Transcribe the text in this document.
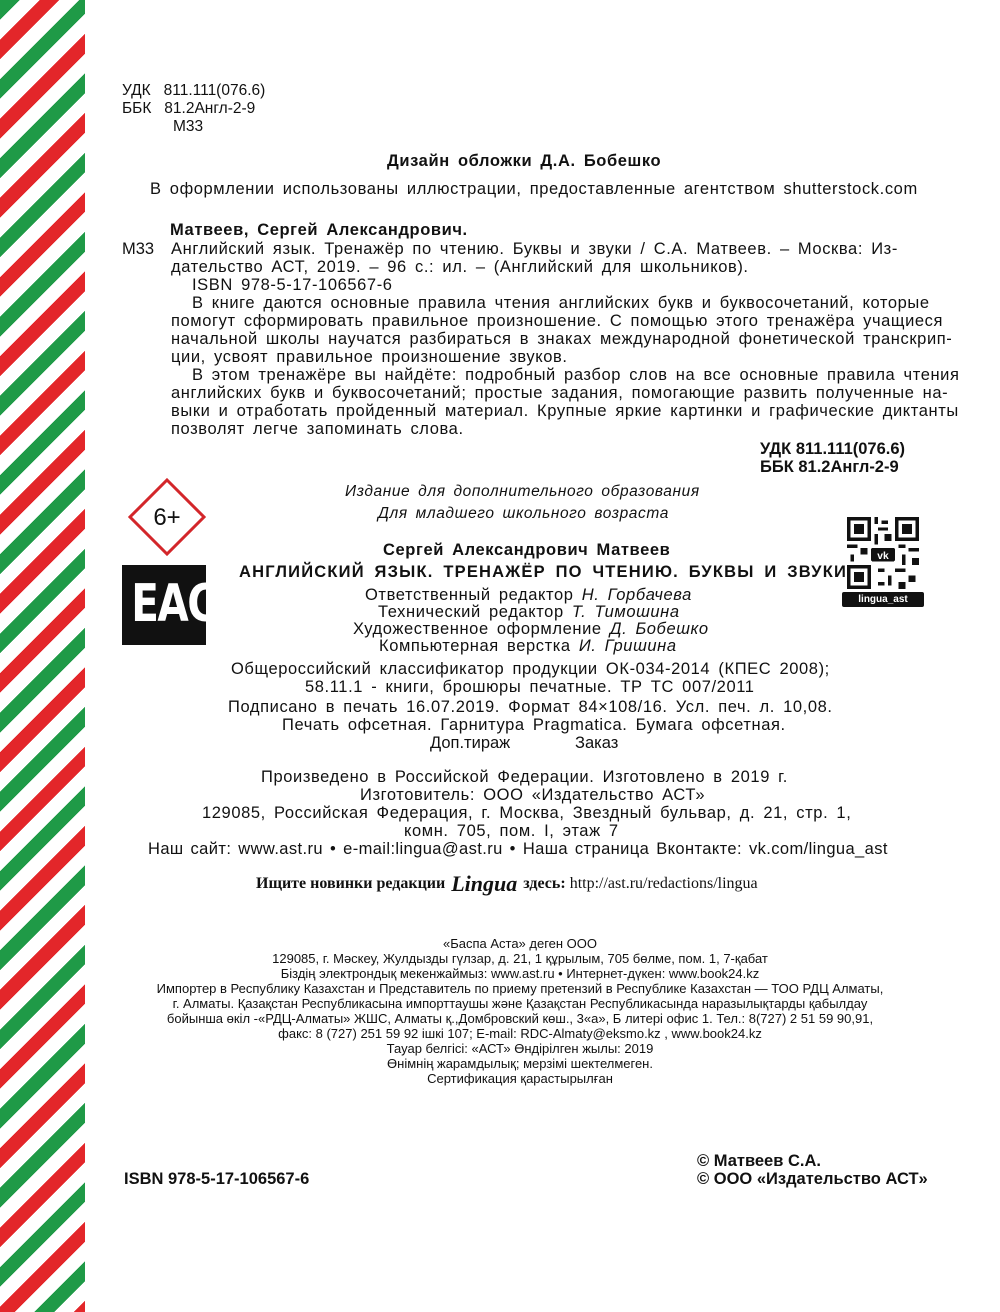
УДК 811.111(076.6)
ББК 81.2Англ-2-9
М33
Дизайн обложки Д.А. Бобешко
В оформлении использованы иллюстрации, предоставленные агентством shutterstock.com
Матвеев, Сергей Александрович.
М33 Английский язык. Тренажёр по чтению. Буквы и звуки / С.А. Матвеев. – Москва: Из-
дательство АСТ, 2019. – 96 с.: ил. – (Английский для школьников).
ISBN 978-5-17-106567-6
В книге даются основные правила чтения английских букв и буквосочетаний, которые
помогут сформировать правильное произношение. С помощью этого тренажёра учащиеся
начальной школы научатся разбираться в знаках международной фонетической транскрип-
ции, усвоят правильное произношение звуков.
В этом тренажёре вы найдёте: подробный разбор слов на все основные правила чтения
английских букв и буквосочетаний; простые задания, помогающие развить полученные на-
выки и отработать пройденный материал. Крупные яркие картинки и графические диктанты
позволят легче запоминать слова.
УДК 811.111(076.6)
ББК 81.2Англ-2-9
6+
Издание для дополнительного образования
Для младшего школьного возраста
EAC
vk
lingua_ast
Сергей Александрович Матвеев
АНГЛИЙСКИЙ ЯЗЫК. ТРЕНАЖЁР ПО ЧТЕНИЮ. БУКВЫ И ЗВУКИ
Ответственный редактор Н. Горбачева
Технический редактор Т. Тимошина
Художественное оформление Д. Бобешко
Компьютерная верстка И. Гришина
Общероссийский классификатор продукции ОК-034-2014 (КПЕС 2008);
58.11.1 - книги, брошюры печатные. ТР ТС 007/2011
Подписано в печать 16.07.2019. Формат 84×108/16. Усл. печ. л. 10,08.
Печать офсетная. Гарнитура Pragmatica. Бумага офсетная.
Доп.тираж	Заказ
Произведено в Российской Федерации. Изготовлено в 2019 г.
Изготовитель: ООО «Издательство АСТ»
129085, Российская Федерация, г. Москва, Звездный бульвар, д. 21, стр. 1,
комн. 705, пом. I, этаж 7
Наш сайт: www.ast.ru • e-mail:lingua@ast.ru • Наша страница Вконтакте: vk.com/lingua_ast
Ищите новинки редакции Lingua здесь: http://ast.ru/redactions/lingua
«Баспа Аста» деген ООО
129085, г. Мәскеу, Жулдызды гүлзар, д. 21, 1 құрылым, 705 бөлме, пом. 1, 7-қабат
Біздің электрондық мекенжаймыз: www.ast.ru • Интернет-дүкен: www.book24.kz
Импортер в Республику Казахстан и Представитель по приему претензий в Республике Казахстан — ТОО РДЦ Алматы,
г. Алматы. Қазақстан Республикасына импорттаушы және Қазақстан Республикасында наразылықтарды қабылдау
бойынша өкіл -«РДЦ-Алматы» ЖШС, Алматы қ.,Домбровский көш., 3«а», Б литері офис 1. Тел.: 8(727) 2 51 59 90,91,
факс: 8 (727) 251 59 92 ішкі 107; E-mail: RDC-Almaty@eksmo.kz , www.book24.kz
Тауар белгісі: «АСТ» Өндірілген жылы: 2019
Өнімнің жарамдылық; мерзімі шектелмеген.
Сертификация қарастырылған
ISBN 978-5-17-106567-6
© Матвеев С.А.
© ООО «Издательство АСТ»
